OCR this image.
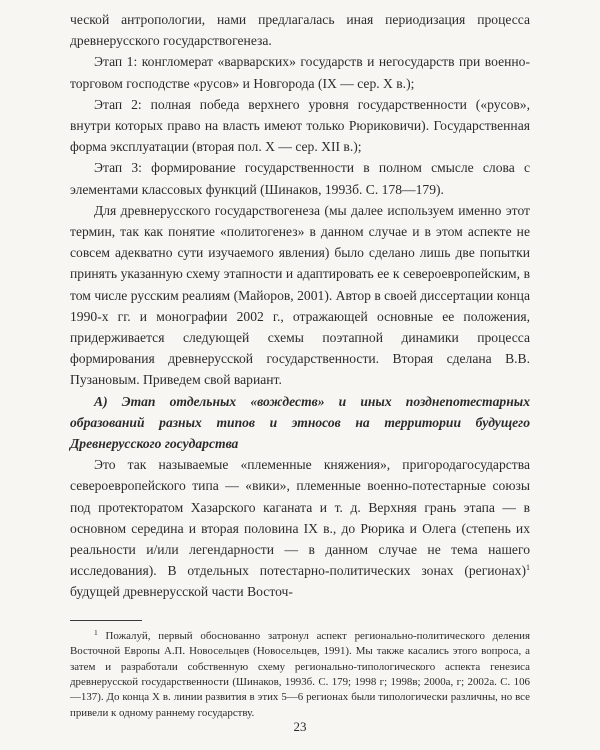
ческой антропологии, нами предлагалась иная периодизация процесса древнерусского государствогенеза.

Этап 1: конгломерат «варварских» государств и негосударств при военно-торговом господстве «русов» и Новгорода (IX — сер. X в.);

Этап 2: полная победа верхнего уровня государственности («русов», внутри которых право на власть имеют только Рюриковичи). Государственная форма эксплуатации (вторая пол. X — сер. XII в.);

Этап 3: формирование государственности в полном смысле слова с элементами классовых функций (Шинаков, 1993б. С. 178—179).

Для древнерусского государствогенеза (мы далее используем именно этот термин, так как понятие «политогенез» в данном случае и в этом аспекте не совсем адекватно сути изучаемого явления) было сделано лишь две попытки принять указанную схему этапности и адаптировать ее к североевропейским, в том числе русским реалиям (Майоров, 2001). Автор в своей диссертации конца 1990-х гг. и монографии 2002 г., отражающей основные ее положения, придерживается следующей схемы поэтапной динамики процесса формирования древнерусской государственности. Вторая сделана В.В. Пузановым. Приведем свой вариант.

А) Этап отдельных «вождеств» и иных позднепотестарных образований разных типов и этносов на территории будущего Древнерусского государства

Это так называемые «племенные княжения», пригородагосударства североевропейского типа — «вики», племенные военно-потестарные союзы под протекторатом Хазарского каганата и т. д. Верхняя грань этапа — в основном середина и вторая половина IX в., до Рюрика и Олега (степень их реальности и/или легендарности — в данном случае не тема нашего исследования). В отдельных потестарно-политических зонах (регионах)$^1$ будущей древнерусской части Восточ-

$^1$ Пожалуй, первый обоснованно затронул аспект регионально-политического деления Восточной Европы А.П. Новосельцев (Новосельцев, 1991). Мы также касались этого вопроса, а затем и разработали собственную схему регионально-типологического аспекта генезиса древнерусской государственности (Шинаков, 1993б. С. 179; 1998 г; 1998в; 2000а, г; 2002а. С. 106—137). До конца X в. линии развития в этих 5—6 регионах были типологически различны, но все привели к одному раннему государству.

23
